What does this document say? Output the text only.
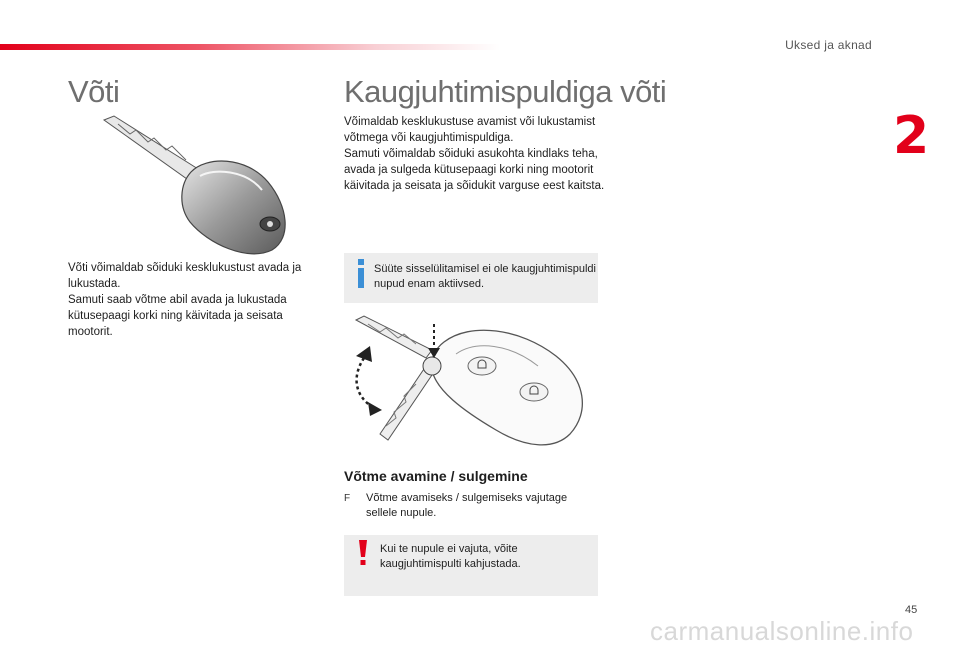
Uksed ja aknad
2
Võti
Võti võimaldab sõiduki kesklukustust avada ja lukustada.
Samuti saab võtme abil avada ja lukustada kütusepaagi korki ning käivitada ja seisata mootorit.
Kaugjuhtimispuldiga võti
Võimaldab kesklukustuse avamist või lukustamist võtmega või kaugjuhtimispuldiga.
Samuti võimaldab sõiduki asukohta kindlaks teha, avada ja sulgeda kütusepaagi korki ning mootorit käivitada ja seisata ja sõidukit varguse eest kaitsta.
Süüte sisselülitamisel ei ole kaugjuhtimispuldi nupud enam aktiivsed.
Võtme avamine / sulgemine
F Võtme avamiseks / sulgemiseks vajutage sellele nupule.
Kui te nupule ei vajuta, võite kaugjuhtimispulti kahjustada.
45
carmanualsonline.info
